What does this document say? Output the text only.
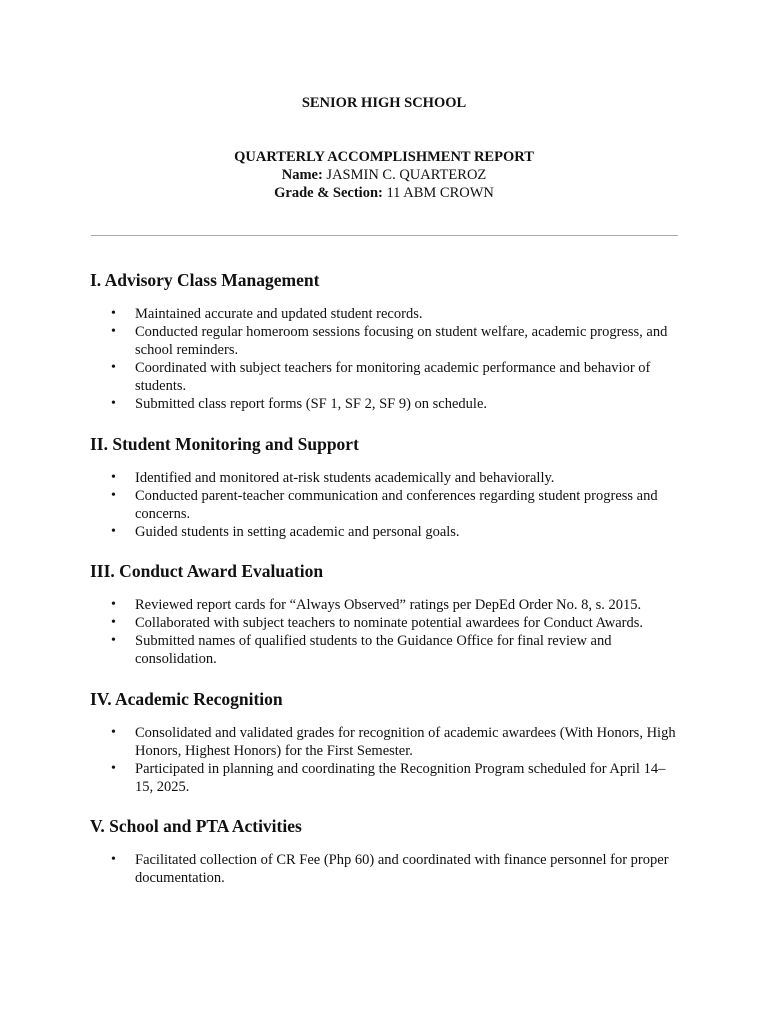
SENIOR HIGH SCHOOL
QUARTERLY ACCOMPLISHMENT REPORT
Name: JASMIN C. QUARTEROZ
Grade & Section: 11 ABM CROWN
I. Advisory Class Management
• Maintained accurate and updated student records.
• Conducted regular homeroom sessions focusing on student welfare, academic progress, and school reminders.
• Coordinated with subject teachers for monitoring academic performance and behavior of students.
• Submitted class report forms (SF 1, SF 2, SF 9) on schedule.
II. Student Monitoring and Support
• Identified and monitored at-risk students academically and behaviorally.
• Conducted parent-teacher communication and conferences regarding student progress and concerns.
• Guided students in setting academic and personal goals.
III. Conduct Award Evaluation
• Reviewed report cards for “Always Observed” ratings per DepEd Order No. 8, s. 2015.
• Collaborated with subject teachers to nominate potential awardees for Conduct Awards.
• Submitted names of qualified students to the Guidance Office for final review and consolidation.
IV. Academic Recognition
• Consolidated and validated grades for recognition of academic awardees (With Honors, High Honors, Highest Honors) for the First Semester.
• Participated in planning and coordinating the Recognition Program scheduled for April 14–15, 2025.
V. School and PTA Activities
• Facilitated collection of CR Fee (Php 60) and coordinated with finance personnel for proper documentation.
